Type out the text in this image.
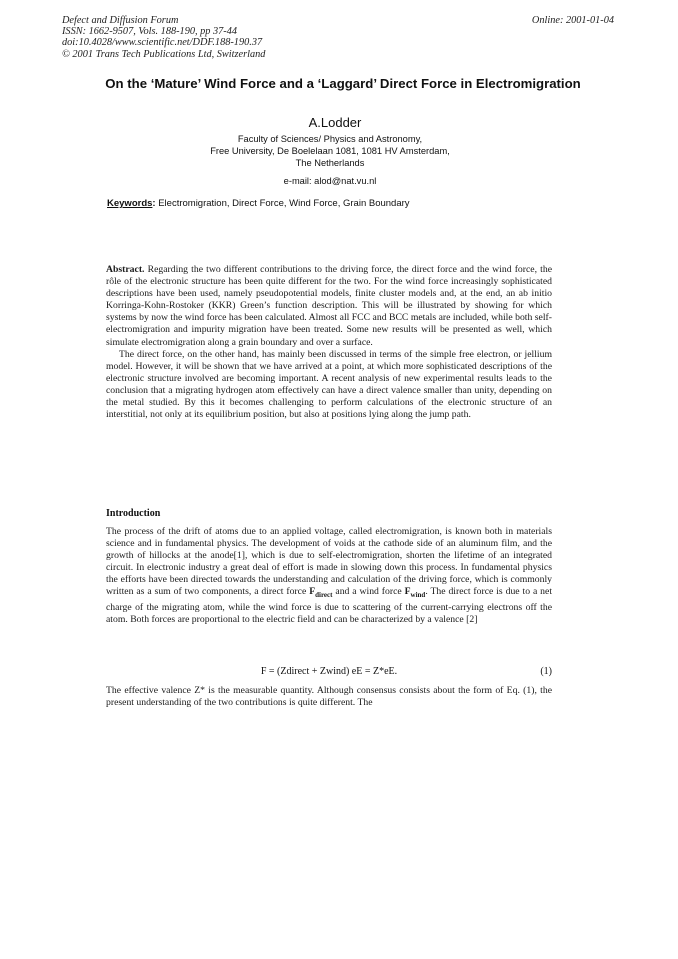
Defect and Diffusion Forum
ISSN: 1662-9507, Vols. 188-190, pp 37-44
doi:10.4028/www.scientific.net/DDF.188-190.37
© 2001 Trans Tech Publications Ltd, Switzerland
Online: 2001-01-04
On the ‘Mature’ Wind Force and a ‘Laggard’ Direct Force in Electromigration
A.Lodder
Faculty of Sciences/ Physics and Astronomy,
Free University, De Boelelaan 1081, 1081 HV Amsterdam,
The Netherlands
e-mail: alod@nat.vu.nl
Keywords: Electromigration, Direct Force, Wind Force, Grain Boundary

Abstract. Regarding the two different contributions to the driving force, the direct force and the wind force, the rôle of the electronic structure has been quite different for the two. For the wind force increasingly sophisticated descriptions have been used, namely pseudopotential models, finite cluster models and, at the end, an ab initio Korringa-Kohn-Rostoker (KKR) Green’s function description. This will be illustrated by showing for which systems by now the wind force has been calculated. Almost all FCC and BCC metals are included, while both self-electromigration and impurity migration have been treated. Some new results will be presented as well, which simulate electromigration along a grain boundary and over a surface.

The direct force, on the other hand, has mainly been discussed in terms of the simple free electron, or jellium model. However, it will be shown that we have arrived at a point, at which more sophisticated descriptions of the electronic structure involved are becoming important. A recent analysis of new experimental results leads to the conclusion that a migrating hydrogen atom effectively can have a direct valence smaller than unity, depending on the metal studied. By this it becomes challenging to perform calculations of the electronic structure of an interstitial, not only at its equilibrium position, but also at positions lying along the jump path.

Introduction

The process of the drift of atoms due to an applied voltage, called electromigration, is known both in materials science and in fundamental physics. The development of voids at the cathode side of an aluminum film, and the growth of hillocks at the anode[1], which is due to self-electromigration, shorten the lifetime of an integrated circuit. In electronic industry a great deal of effort is made in slowing down this process. In fundamental physics the efforts have been directed towards the understanding and calculation of the driving force, which is commonly written as a sum of two components, a direct force $F_{direct}$ and a wind force $F_{wind}$. The direct force is due to a net charge of the migrating atom, while the wind force is due to scattering of the current-carrying electrons off the atom. Both forces are proportional to the electric field and can be characterized by a valence [2]

F = (Zdirect + Zwind) eE = Z*eE.	(1)

The effective valence Z* is the measurable quantity. Although consensus consists about the form of Eq. (1), the present understanding of the two contributions is quite different. The
